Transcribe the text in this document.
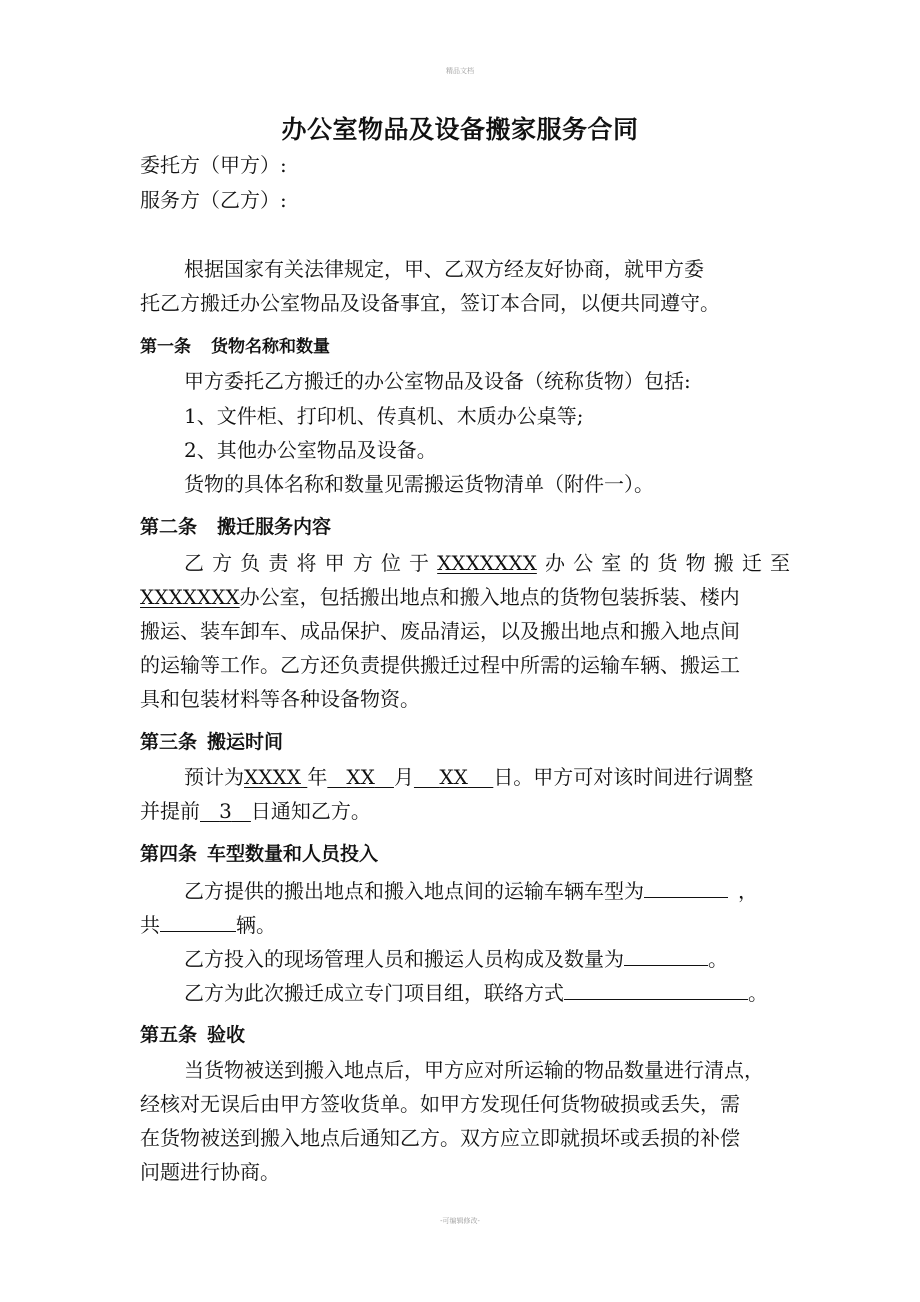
精品文档
办公室物品及设备搬家服务合同
委托方（甲方）:
服务方（乙方）:
根据国家有关法律规定，甲、乙双方经友好协商，就甲方委
托乙方搬迁办公室物品及设备事宜，签订本合同，以便共同遵守。
第一条 货物名称和数量
甲方委托乙方搬迁的办公室物品及设备（统称货物）包括:
1、文件柜、打印机、传真机、木质办公桌等;
2、其他办公室物品及设备。
货物的具体名称和数量见需搬运货物清单（附件一）。
第二条 搬迁服务内容
乙方负责将甲方位于XXXXXXX办公室的货物搬迁至
XXXXXXX办公室，包括搬出地点和搬入地点的货物包装拆装、楼内
搬运、装车卸车、成品保护、废品清运，以及搬出地点和搬入地点间
的运输等工作。乙方还负责提供搬迁过程中所需的运输车辆、搬运工
具和包装材料等各种设备物资。
第三条 搬运时间
预计为XXXX 年 XX 月 XX 日。甲方可对该时间进行调整
并提前 3 日通知乙方。
第四条 车型数量和人员投入
乙方提供的搬出地点和搬入地点间的运输车辆车型为	，
共	辆。
乙方投入的现场管理人员和搬运人员构成及数量为	。
乙方为此次搬迁成立专门项目组，联络方式	。
第五条 验收
当货物被送到搬入地点后，甲方应对所运输的物品数量进行清点，
经核对无误后由甲方签收货单。如甲方发现任何货物破损或丢失，需
在货物被送到搬入地点后通知乙方。双方应立即就损坏或丢损的补偿
问题进行协商。
-可编辑修改-
